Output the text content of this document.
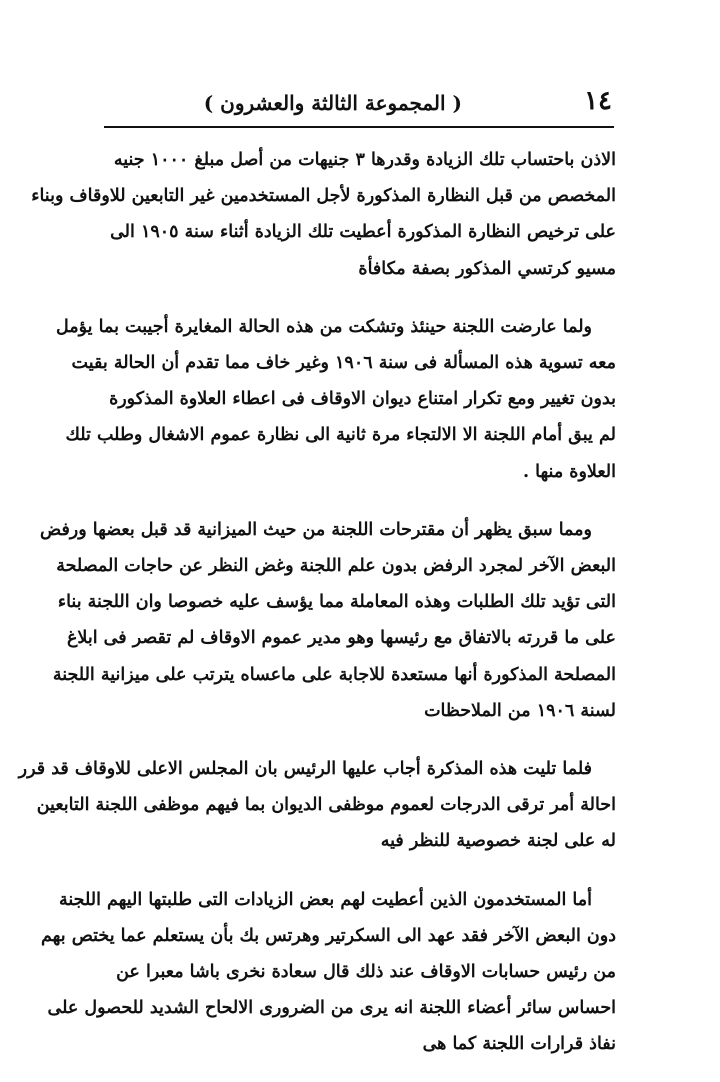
١٤
( المجموعة الثالثة والعشرون )

الاذن باحتساب تلك الزيادة وقدرها ٣ جنيهات من أصل مبلغ ١٠٠٠ جنيه
المخصص من قبل النظارة المذكورة لأجل المستخدمين غير التابعين للاوقاف وبناء
على ترخيص النظارة المذكورة أعطيت تلك الزيادة أثناء سنة ١٩٠٥ الى
مسيو كرتسي المذكور بصفة مكافأة

ولما عارضت اللجنة حينئذ وتشكت من هذه الحالة المغايرة أجيبت بما يؤمل
معه تسوية هذه المسألة فى سنة ١٩٠٦ وغير خاف مما تقدم أن الحالة بقيت
بدون تغيير ومع تكرار امتناع ديوان الاوقاف فى اعطاء العلاوة المذكورة
لم يبق أمام اللجنة الا الالتجاء مرة ثانية الى نظارة عموم الاشغال وطلب تلك
العلاوة منها .

ومما سبق يظهر أن مقترحات اللجنة من حيث الميزانية قد قبل بعضها ورفض
البعض الآخر لمجرد الرفض بدون علم اللجنة وغض النظر عن حاجات المصلحة
التى تؤيد تلك الطلبات وهذه المعاملة مما يؤسف عليه خصوصا وان اللجنة بناء
على ما قررته بالاتفاق مع رئيسها وهو مدير عموم الاوقاف لم تقصر فى ابلاغ
المصلحة المذكورة أنها مستعدة للاجابة على ماعساه يترتب على ميزانية اللجنة
لسنة ١٩٠٦ من الملاحظات

فلما تليت هذه المذكرة أجاب عليها الرئيس بان المجلس الاعلى للاوقاف قد قرر
احالة أمر ترقى الدرجات لعموم موظفى الديوان بما فيهم موظفى اللجنة التابعين
له على لجنة خصوصية للنظر فيه

أما المستخدمون الذين أعطيت لهم بعض الزيادات التى طلبتها اليهم اللجنة
دون البعض الآخر فقد عهد الى السكرتير وهرتس بك بأن يستعلم عما يختص بهم
من رئيس حسابات الاوقاف عند ذلك قال سعادة نخرى باشا معبرا عن
احساس سائر أعضاء اللجنة انه يرى من الضرورى الالحاح الشديد للحصول على
نفاذ قرارات اللجنة كما هى
